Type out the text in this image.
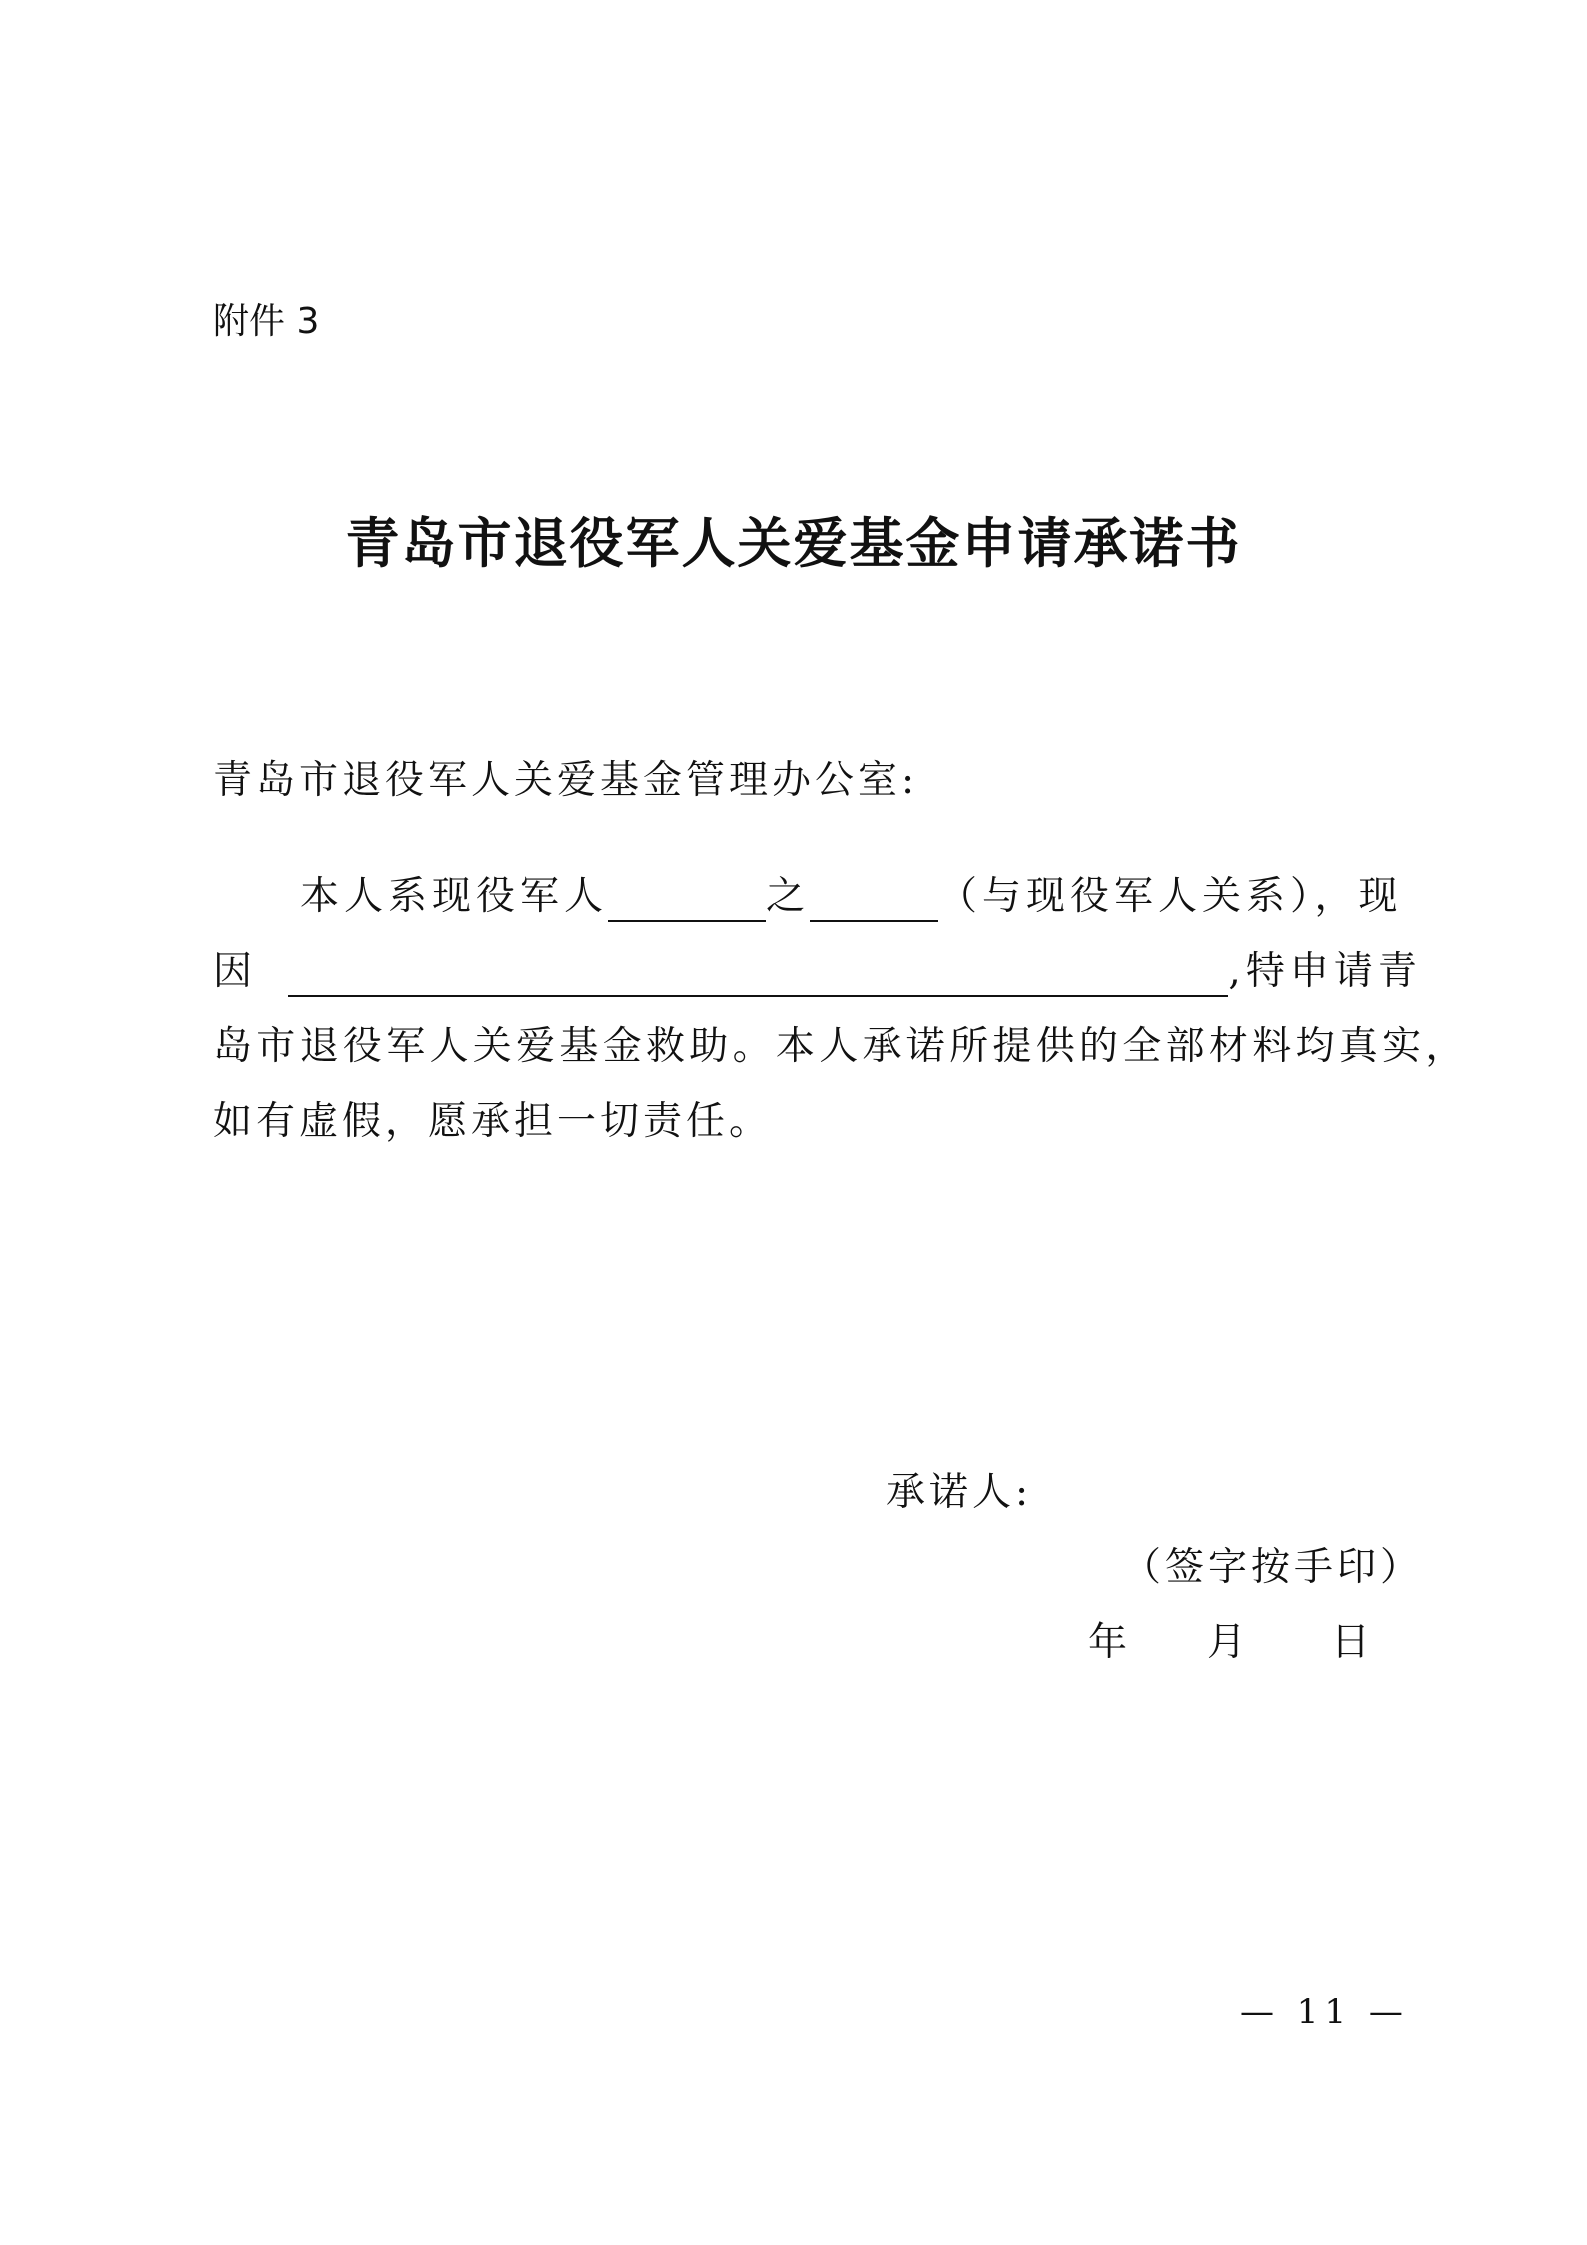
附件 3
青岛市退役军人关爱基金申请承诺书
青岛市退役军人关爱基金管理办公室:
本人系现役军人	之	（与现役军人关系），现
因	,特申请青
岛市退役军人关爱基金救助。本人承诺所提供的全部材料均真实，
如有虚假，愿承担一切责任。
承诺人:
（签字按手印）
年 月 日
— 11 —
